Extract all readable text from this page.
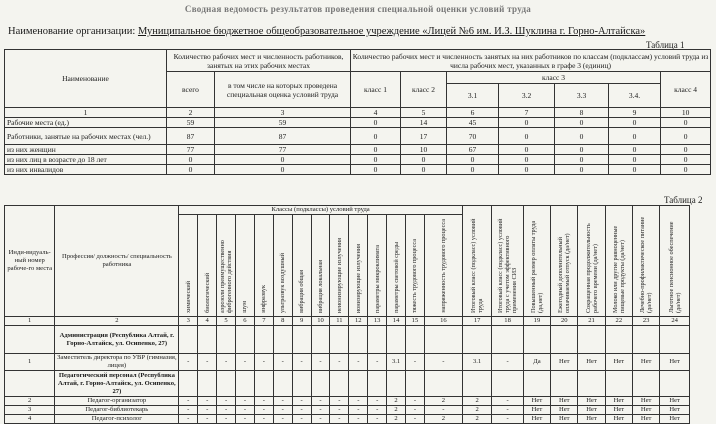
Сводная ведомость результатов проведения специальной оценки условий труда
Наименование организации: Муниципальное бюджетное общеобразовательное учреждение «Лицей №6 им. И.З. Шуклина г. Горно-Алтайска»
Таблица 1
Наименование	Количество рабочих мест и численность работников, занятых на этих рабочих местах		Количество рабочих мест и численность занятых на них работников по классам (подклассам) условий труда из числа рабочих мест, указанных в графе 3 (единиц)						
	всего	в том числе на которых проведена специальная оценка условий труда	класс 1	класс 2	класс 3				класс 4
					3.1	3.2	3.3	3.4.	
1	2	3	4	5	6	7	8	9	10
Рабочие места (ед.)	59	59	0	14	45	0	0	0	0
Работники, занятые на рабочих местах (чел.)	87	87	0	17	70	0	0	0	0
из них женщин	77	77	0	10	67	0	0	0	0
из них лиц в возрасте до 18 лет	0	0	0	0	0	0	0	0	0
из них инвалидов	0	0	0	0	0	0	0	0	0
Таблица 2
Инди-видуаль-ный номер рабоче-го места	Профессия/ должность/ специальность работника	Классы (подклассы) условий труда														Итоговый класс (подкласс) условий труда	Итоговый класс (подкласс) условий труда с учетом эффективного применения СИЗ	Повышенный размер оплаты труда (да,нет)	Ежегодный дополнительный оплачиваемый отпуск (да/нет)	Сокращенная продолжительность рабочего времени (да/нет)	Молоко или другие равноценные пищевые продукты (да/нет)	Лечебно-профилактическое питание (да/нет)	Льготное пенсионное обеспечение (да/нет)
		химический	биологический	аэрозоли преимущественно фиброгенного действия	шум	инфразвук	ультразвук воздушный	вибрация общая	вибрация локальная	неионизирующие излучения	ионизирующие излучения	параметры микроклимата	параметры световой среды	тяжесть трудового процесса	напряженность трудового процесса								
1	2	3	4	5	6	7	8	9	10	11	12	13	14	15	16	17	18	19	20	21	22	23	24
	Администрация (Республика Алтай, г. Горно-Алтайск, ул. Осипенко, 27)																						
1	Заместитель директора по УВР (гимназия, лицея)	-	-	-	-	-	-	-	-	-	-	-	3.1	-	-	3.1	-	Да	Нет	Нет	Нет	Нет	Нет
	Педагогический персонал (Республика Алтай, г. Горно-Алтайск, ул. Осипенко, 27)																						
2	Педагог-организатор	-	-	-	-	-	-	-	-	-	-	-	2	-	2	2	-	Нет	Нет	Нет	Нет	Нет	Нет
3	Педагог-библиотекарь	-	-	-	-	-	-	-	-	-	-	-	2	-	-	2	-	Нет	Нет	Нет	Нет	Нет	Нет
4	Педагог-психолог	-	-	-	-	-	-	-	-	-	-	-	2	-	2	2	-	Нет	Нет	Нет	Нет	Нет	Нет
